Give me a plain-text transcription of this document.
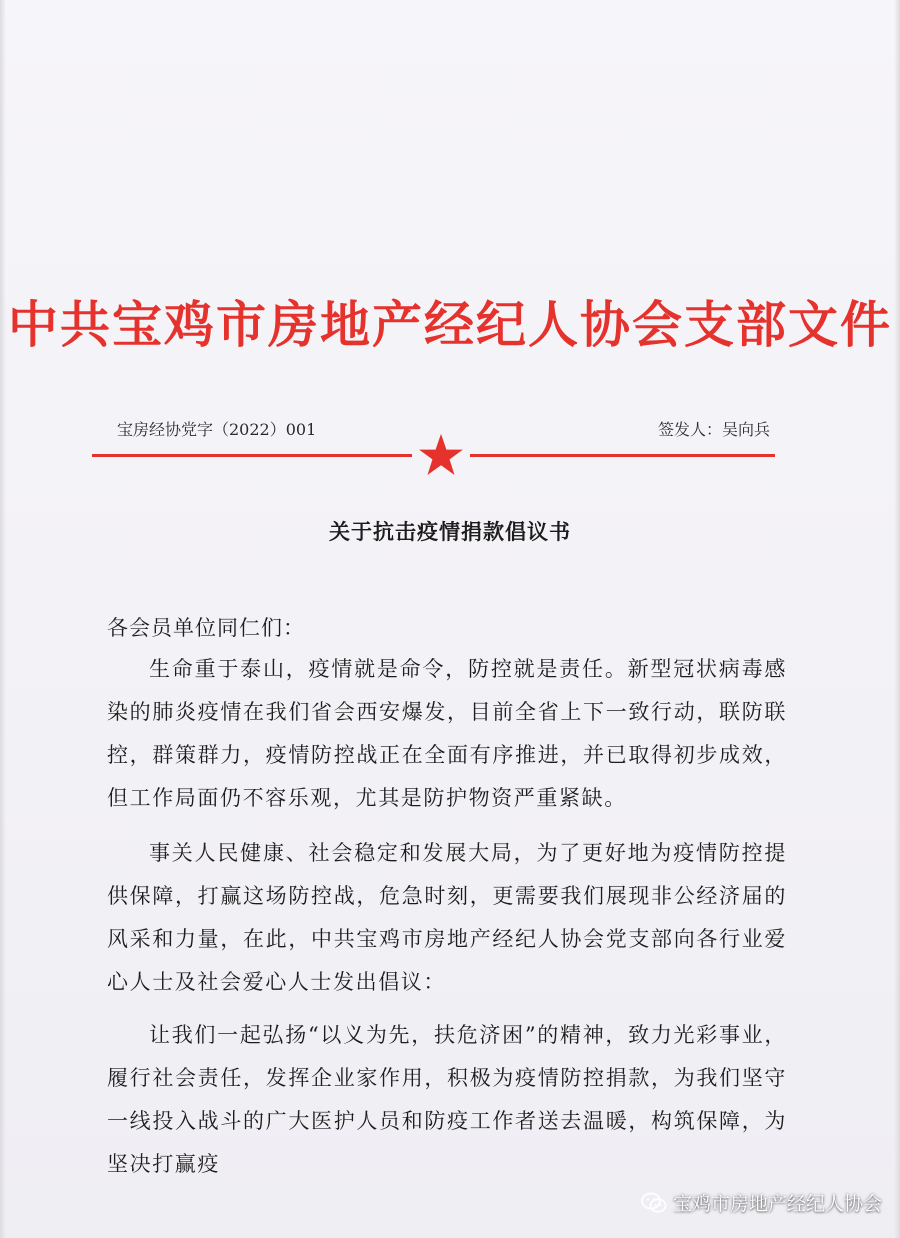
中共宝鸡市房地产经纪人协会支部文件
宝房经协党字（2022）001	签发人：吴向兵
关于抗击疫情捐款倡议书
各会员单位同仁们：

生命重于泰山，疫情就是命令，防控就是责任。新型冠状病毒感染的肺炎疫情在我们省会西安爆发，目前全省上下一致行动，联防联控，群策群力，疫情防控战正在全面有序推进，并已取得初步成效，但工作局面仍不容乐观，尤其是防护物资严重紧缺。

事关人民健康、社会稳定和发展大局，为了更好地为疫情防控提供保障，打赢这场防控战，危急时刻，更需要我们展现非公经济届的风采和力量，在此，中共宝鸡市房地产经纪人协会党支部向各行业爱心人士及社会爱心人士发出倡议：

让我们一起弘扬“以义为先，扶危济困”的精神，致力光彩事业，履行社会责任，发挥企业家作用，积极为疫情防控捐款，为我们坚守一线投入战斗的广大医护人员和防疫工作者送去温暖，构筑保障，为坚决打赢疫

宝鸡市房地产经纪人协会
